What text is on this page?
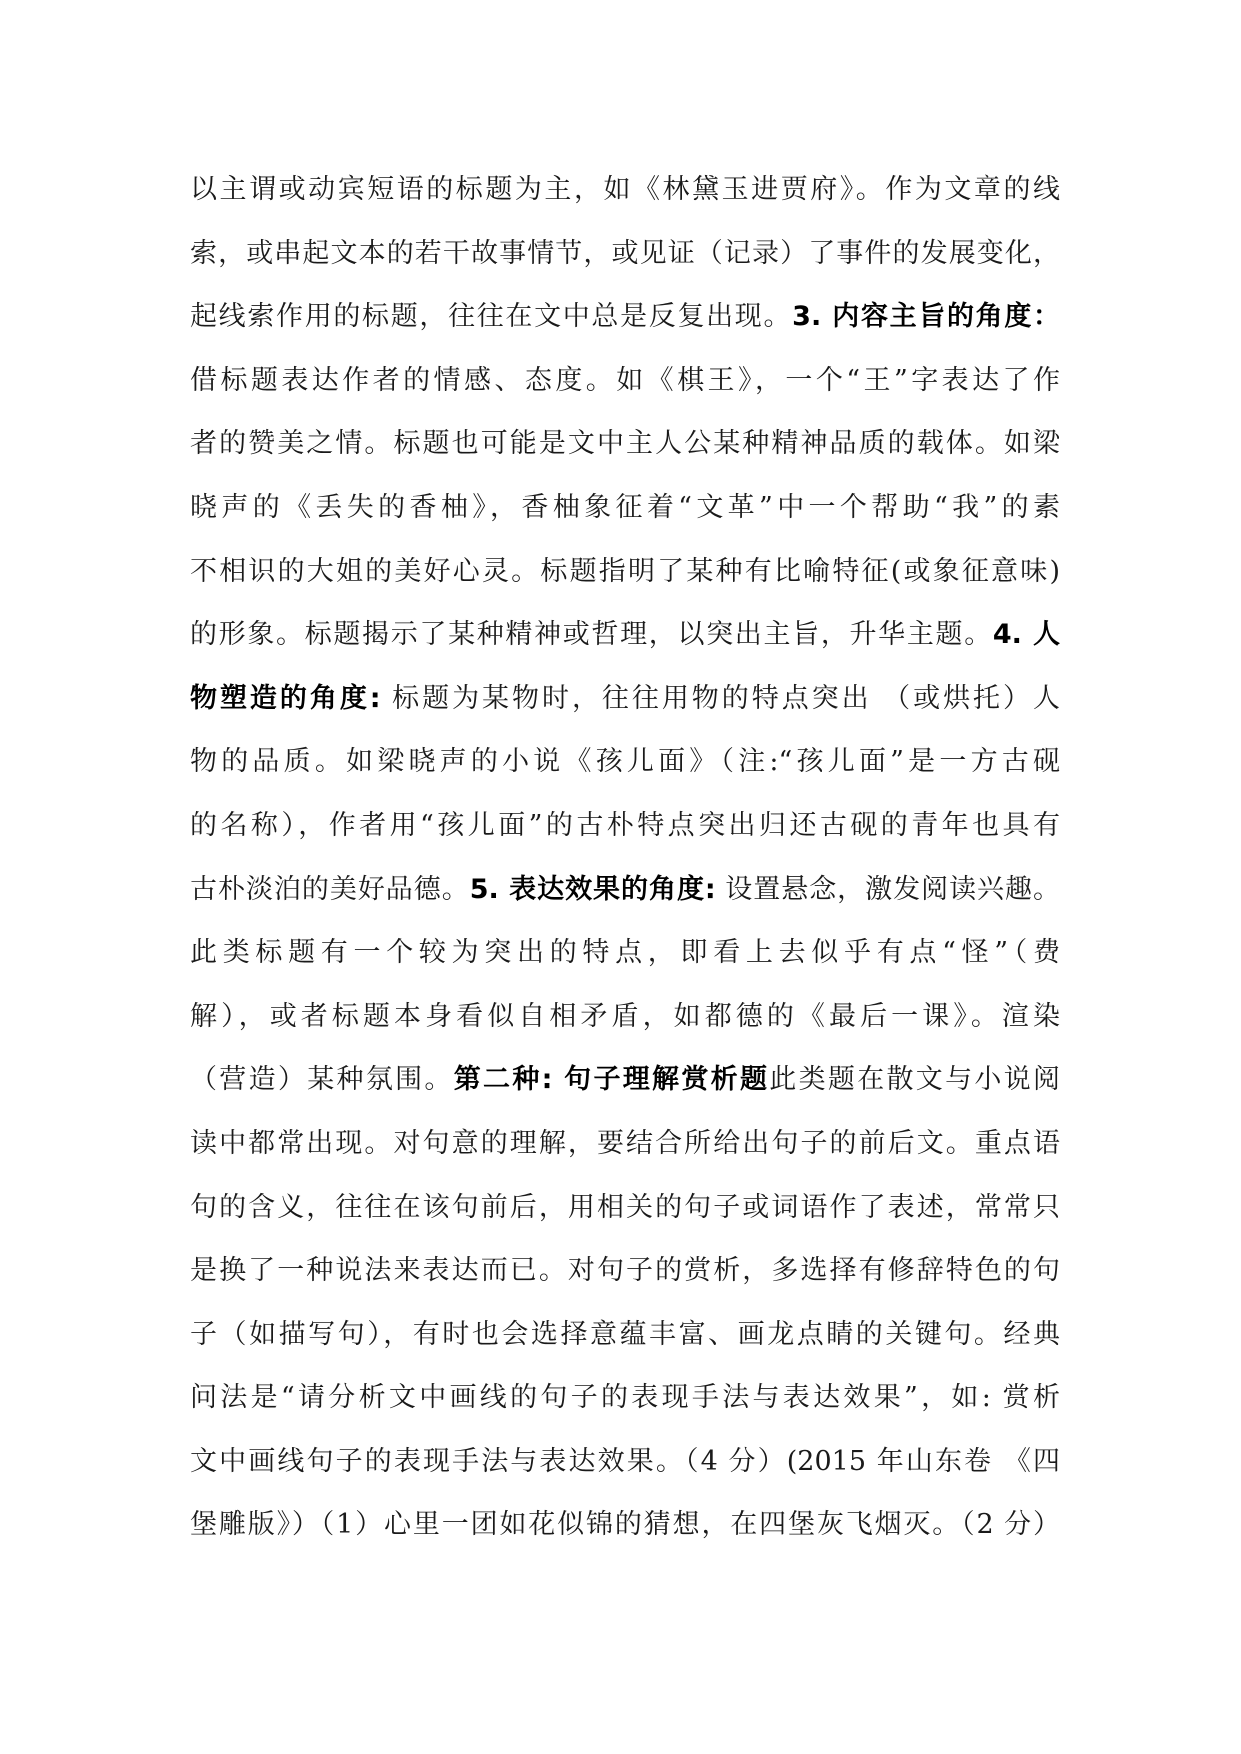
以主谓或动宾短语的标题为主，如《林黛玉进贾府》。作为文章的线
索，或串起文本的若干故事情节，或见证（记录）了事件的发展变化，
起线索作用的标题，往往在文中总是反复出现。3. 内容主旨的角度：
借标题表达作者的情感、态度。如《棋王》，一个“王”字表达了作
者的赞美之情。标题也可能是文中主人公某种精神品质的载体。如梁
晓声的《丢失的香柚》，香柚象征着“文革”中一个帮助“我”的素
不相识的大姐的美好心灵。标题指明了某种有比喻特征(或象征意味)
的形象。标题揭示了某种精神或哲理，以突出主旨，升华主题。4. 人
物塑造的角度: 标题为某物时，往往用物的特点突出 （或烘托）人
物的品质。如梁晓声的小说《孩儿面》（注:“孩儿面”是一方古砚
的名称），作者用“孩儿面”的古朴特点突出归还古砚的青年也具有
古朴淡泊的美好品德。5. 表达效果的角度: 设置悬念，激发阅读兴趣。
此类标题有一个较为突出的特点，即看上去似乎有点“怪”（费
解），或者标题本身看似自相矛盾，如都德的《最后一课》。渲染
（营造）某种氛围。第二种: 句子理解赏析题此类题在散文与小说阅
读中都常出现。对句意的理解，要结合所给出句子的前后文。重点语
句的含义，往往在该句前后，用相关的句子或词语作了表述，常常只
是换了一种说法来表达而已。对句子的赏析，多选择有修辞特色的句
子（如描写句），有时也会选择意蕴丰富、画龙点睛的关键句。经典
问法是“请分析文中画线的句子的表现手法与表达效果”，如: 赏析
文中画线句子的表现手法与表达效果。（4 分）(2015 年山东卷 《四
堡雕版》）（1）心里一团如花似锦的猜想，在四堡灰飞烟灭。（2 分）
